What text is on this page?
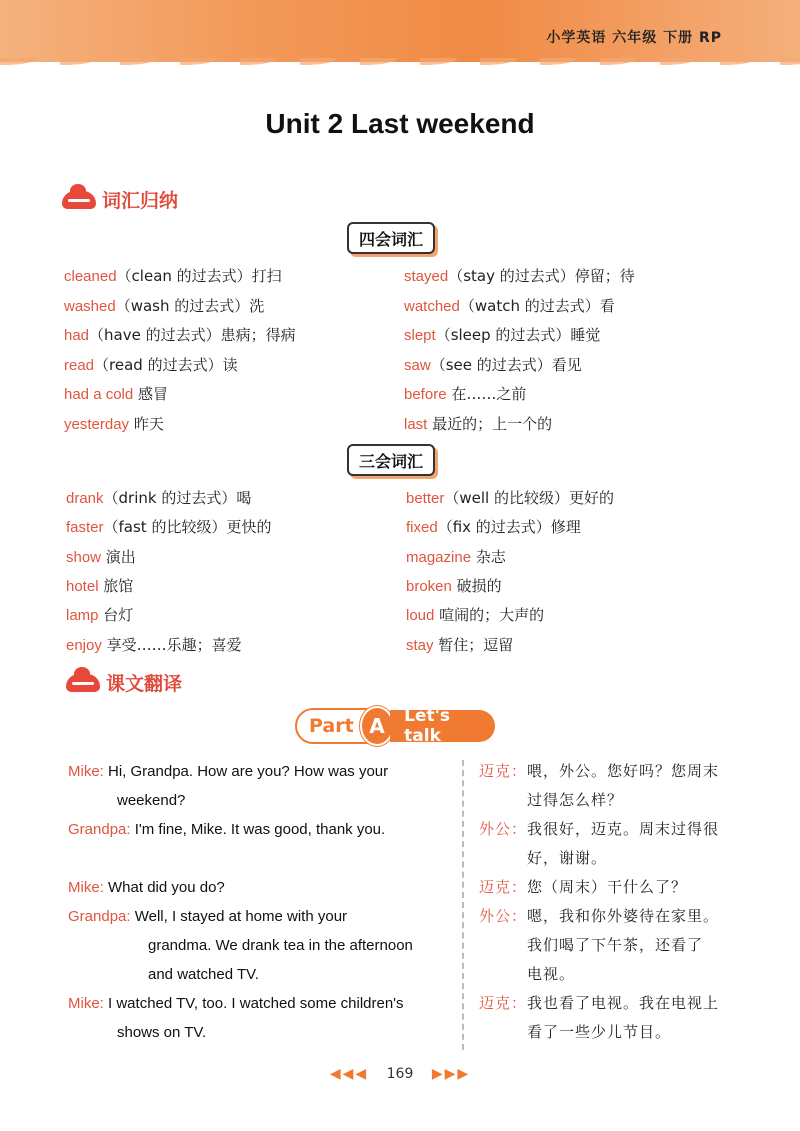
小学英语 六年级 下册 RP
Unit 2 Last weekend
词汇归纳
四会词汇
cleaned（clean 的过去式）打扫
washed（wash 的过去式）洗
had（have 的过去式）患病；得病
read（read 的过去式）读
had a cold 感冒
yesterday 昨天
stayed（stay 的过去式）停留；待
watched（watch 的过去式）看
slept（sleep 的过去式）睡觉
saw（see 的过去式）看见
before 在……之前
last 最近的；上一个的
三会词汇
drank（drink 的过去式）喝
faster（fast 的比较级）更快的
show 演出
hotel 旅馆
lamp 台灯
enjoy 享受……乐趣；喜爱
better（well 的比较级）更好的
fixed（fix 的过去式）修理
magazine 杂志
broken 破损的
loud 喧闹的；大声的
stay 暂住；逗留
课文翻译
Part A	Let's talk
Mike: Hi, Grandpa. How are you? How was your
weekend?
Grandpa: I'm fine, Mike. It was good, thank you.
Mike: What did you do?
Grandpa: Well, I stayed at home with your
grandma. We drank tea in the afternoon
and watched TV.
Mike: I watched TV, too. I watched some children's
shows on TV.
迈克：喂，外公。您好吗？您周末
过得怎么样？
外公：我很好，迈克。周末过得很
好，谢谢。
迈克：您（周末）干什么了？
外公：嗯，我和你外婆待在家里。
我们喝了下午茶，还看了
电视。
迈克：我也看了电视。我在电视上
看了一些少儿节目。
◀◀◀ 169 ▶▶▶
